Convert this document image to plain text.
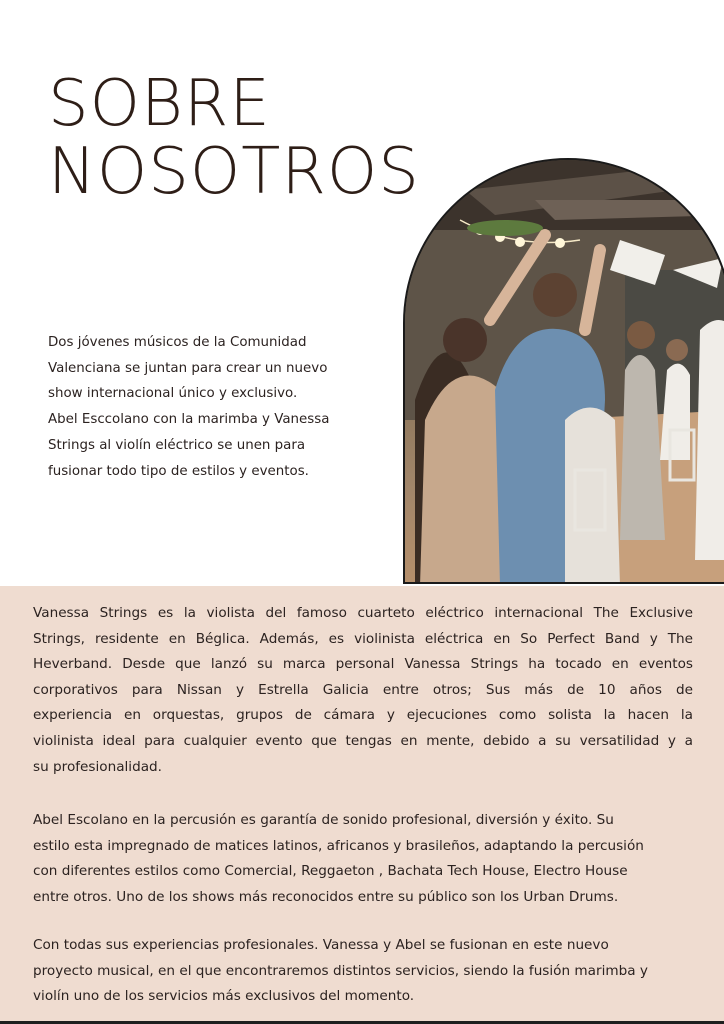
SOBRE
NOSOTROS

Dos jóvenes músicos de la Comunidad
Valenciana se juntan para crear un nuevo
show internacional único y exclusivo.
Abel Esccolano con la marimba y Vanessa
Strings al violín eléctrico se unen para
fusionar todo tipo de estilos y eventos.

Vanessa Strings es la violista del famoso cuarteto eléctrico internacional The Exclusive
Strings, residente en Béglica. Además, es violinista eléctrica en So Perfect Band y The
Heverband. Desde que lanzó su marca personal Vanessa Strings ha tocado en eventos
corporativos para Nissan y Estrella Galicia entre otros; Sus más de 10 años de
experiencia en orquestas, grupos de cámara y ejecuciones como solista la hacen la
violinista ideal para cualquier evento que tengas en mente, debido a su versatilidad y a
su profesionalidad.

Abel Escolano en la percusión es garantía de sonido profesional, diversión y éxito. Su
estilo esta impregnado de matices latinos, africanos y brasileños, adaptando la percusión
con diferentes estilos como Comercial, Reggaeton , Bachata Tech House, Electro House
entre otros. Uno de los shows más reconocidos entre su público son los Urban Drums.

Con todas sus experiencias profesionales. Vanessa y Abel se fusionan en este nuevo
proyecto musical, en el que encontraremos distintos servicios, siendo la fusión marimba y
violín uno de los servicios más exclusivos del momento.
